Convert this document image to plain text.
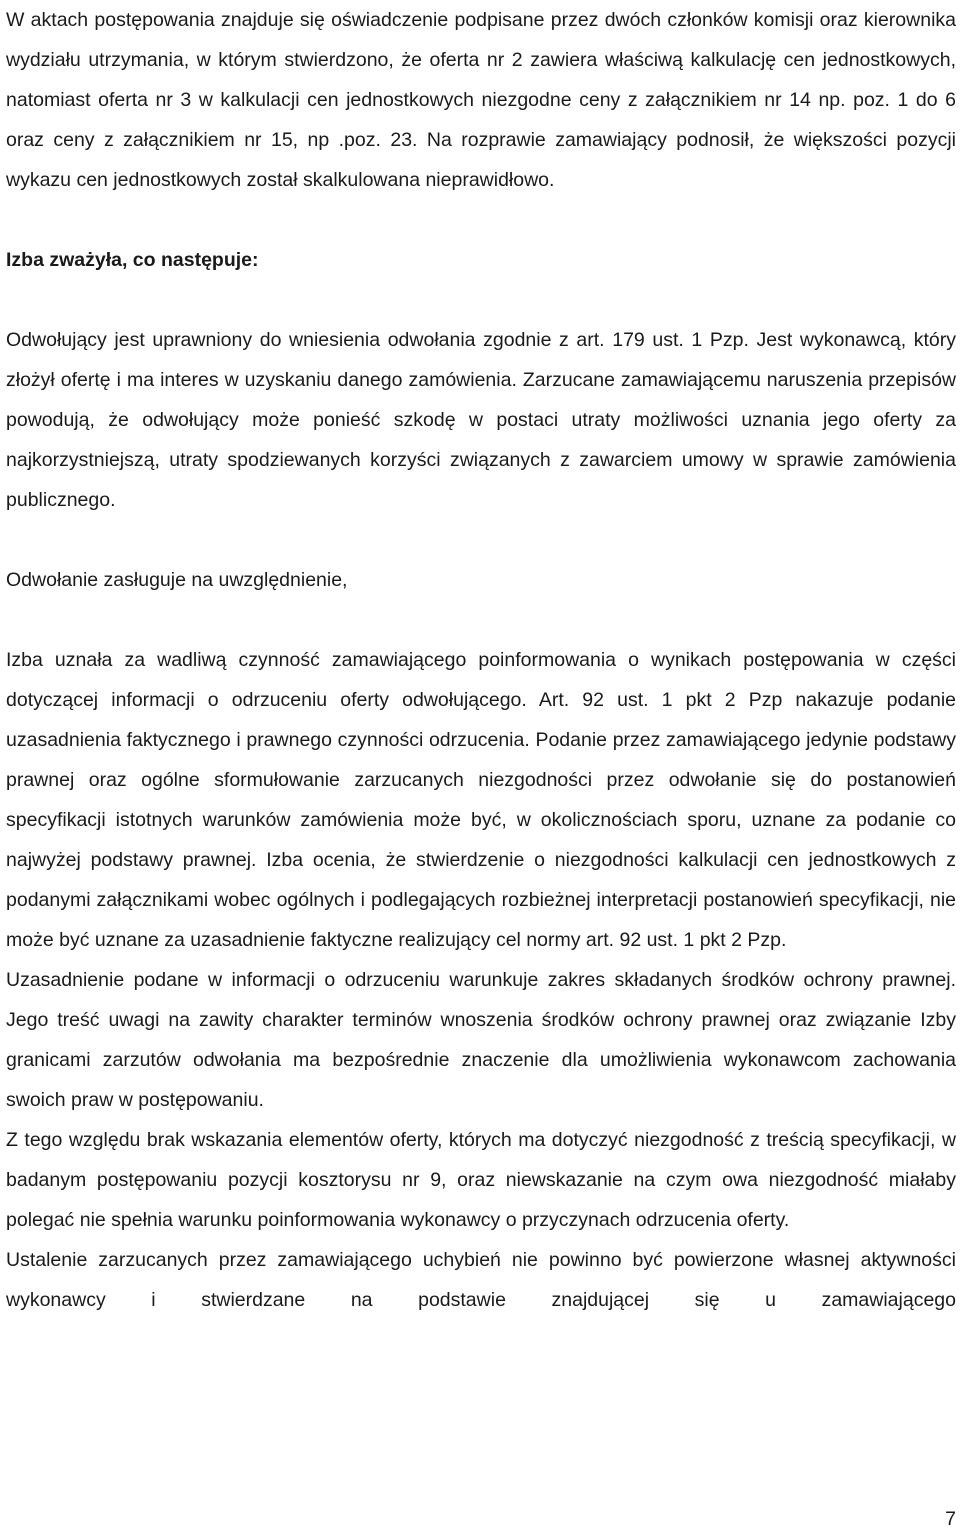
W aktach postępowania znajduje się oświadczenie podpisane przez dwóch członków komisji oraz kierownika wydziału utrzymania, w którym stwierdzono, że oferta nr 2 zawiera właściwą kalkulację cen jednostkowych, natomiast oferta nr 3 w kalkulacji cen jednostkowych niezgodne ceny z załącznikiem nr 14 np. poz. 1 do 6 oraz ceny z załącznikiem nr 15, np .poz. 23. Na rozprawie zamawiający podnosił, że większości pozycji wykazu cen jednostkowych został skalkulowana nieprawidłowo.

Izba zważyła, co następuje:

Odwołujący jest uprawniony do wniesienia odwołania zgodnie z art. 179 ust. 1 Pzp. Jest wykonawcą, który złożył ofertę i ma interes w uzyskaniu danego zamówienia. Zarzucane zamawiającemu naruszenia przepisów powodują, że odwołujący może ponieść szkodę w postaci utraty możliwości uznania jego oferty za najkorzystniejszą, utraty spodziewanych korzyści związanych z zawarciem umowy w sprawie zamówienia publicznego.

Odwołanie zasługuje na uwzględnienie,

Izba uznała za wadliwą czynność zamawiającego poinformowania o wynikach postępowania w części dotyczącej informacji o odrzuceniu oferty odwołującego. Art. 92 ust. 1 pkt 2 Pzp nakazuje podanie uzasadnienia faktycznego i prawnego czynności odrzucenia. Podanie przez zamawiającego jedynie podstawy prawnej oraz ogólne sformułowanie zarzucanych niezgodności przez odwołanie się do postanowień specyfikacji istotnych warunków zamówienia może być, w okolicznościach sporu, uznane za podanie co najwyżej podstawy prawnej. Izba ocenia, że stwierdzenie o niezgodności kalkulacji cen jednostkowych z podanymi załącznikami wobec ogólnych i podlegających rozbieżnej interpretacji postanowień specyfikacji, nie może być uznane za uzasadnienie faktyczne realizujący cel normy art. 92 ust. 1 pkt 2 Pzp.

Uzasadnienie podane w informacji o odrzuceniu warunkuje zakres składanych środków ochrony prawnej. Jego treść uwagi na zawity charakter terminów wnoszenia środków ochrony prawnej oraz związanie Izby granicami zarzutów odwołania ma bezpośrednie znaczenie dla umożliwienia wykonawcom zachowania swoich praw w postępowaniu.

Z tego względu brak wskazania elementów oferty, których ma dotyczyć niezgodność z treścią specyfikacji, w badanym postępowaniu pozycji kosztorysu nr 9, oraz niewskazanie na czym owa niezgodność miałaby polegać nie spełnia warunku poinformowania wykonawcy o przyczynach odrzucenia oferty.

Ustalenie zarzucanych przez zamawiającego uchybień nie powinno być powierzone własnej aktywności wykonawcy i stwierdzane na podstawie znajdującej się u zamawiającego

7
